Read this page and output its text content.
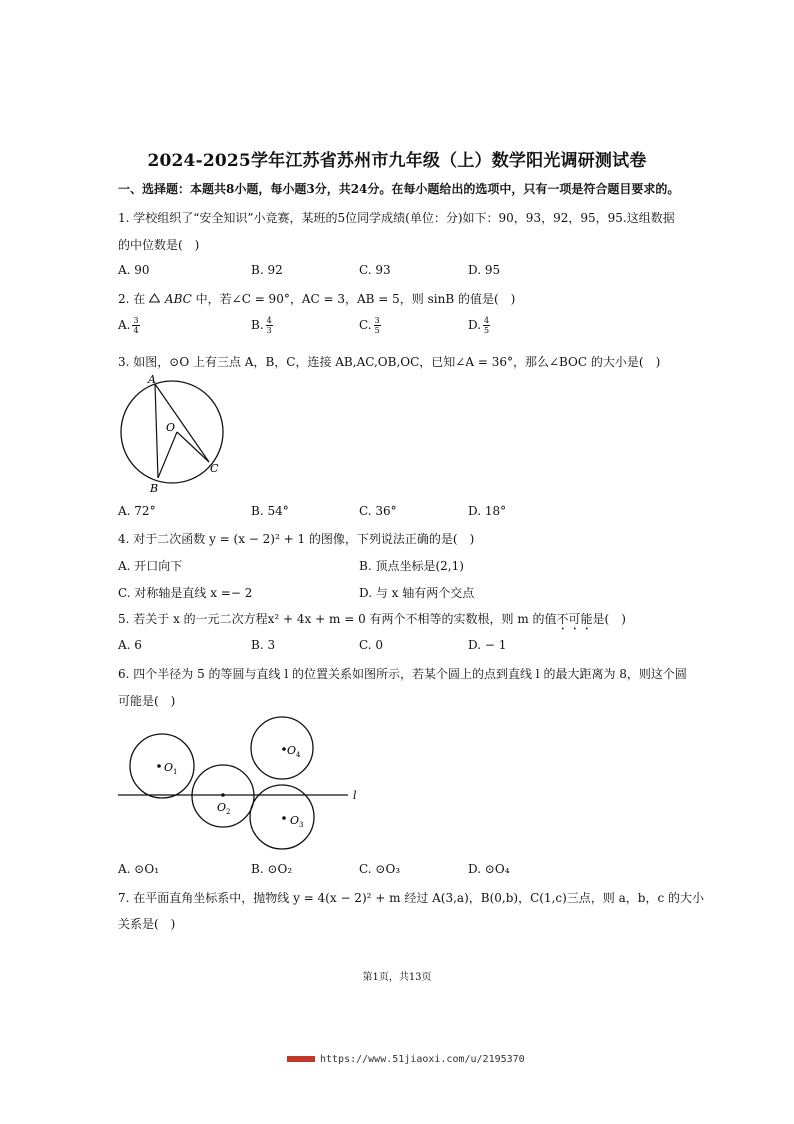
2024-2025学年江苏省苏州市九年级（上）数学阳光调研测试卷
一、选择题：本题共8小题，每小题3分，共24分。在每小题给出的选项中，只有一项是符合题目要求的。
1. 学校组织了“安全知识”小竞赛，某班的5位同学成绩(单位：分)如下：90，93，92，95，95.这组数据
的中位数是(　)
A. 90	B. 92	C. 93	D. 95
2. 在 ABC 中，若∠C = 90°，AC = 3，AB = 5，则 sinB 的值是(　)
A. $\frac{3}{4}$	B. $\frac{4}{3}$	C. $\frac{3}{5}$	D. $\frac{4}{5}$
3. 如图，⊙O 上有三点 A，B，C，连接 AB,AC,OB,OC，已知∠A = 36°，那么∠BOC 的大小是(　)
A
B
C
O
A. 72°	B. 54°	C. 36°	D. 18°
4. 对于二次函数 y = (x − 2)² + 1 的图像，下列说法正确的是(　)
A. 开口向下	B. 顶点坐标是(2,1)
C. 对称轴是直线 x =− 2	D. 与 x 轴有两个交点
5. 若关于 x 的一元二次方程x² + 4x + m = 0 有两个不相等的实数根，则 m 的值不可能是(　)
A. 6	B. 3	C. 0	D. − 1
6. 四个半径为 5 的等圆与直线 l 的位置关系如图所示，若某个圆上的点到直线 l 的最大距离为 8，则这个圆
可能是(　)
O 1
O 2
O 3
O 4
l
A. ⊙O₁	B. ⊙O₂	C. ⊙O₃	D. ⊙O₄
7. 在平面直角坐标系中，抛物线 y = 4(x − 2)² + m 经过 A(3,a)，B(0,b)，C(1,c)三点，则 a，b，c 的大小
关系是(　)
第1页，共13页
https://www.51jiaoxi.com/u/2195370
